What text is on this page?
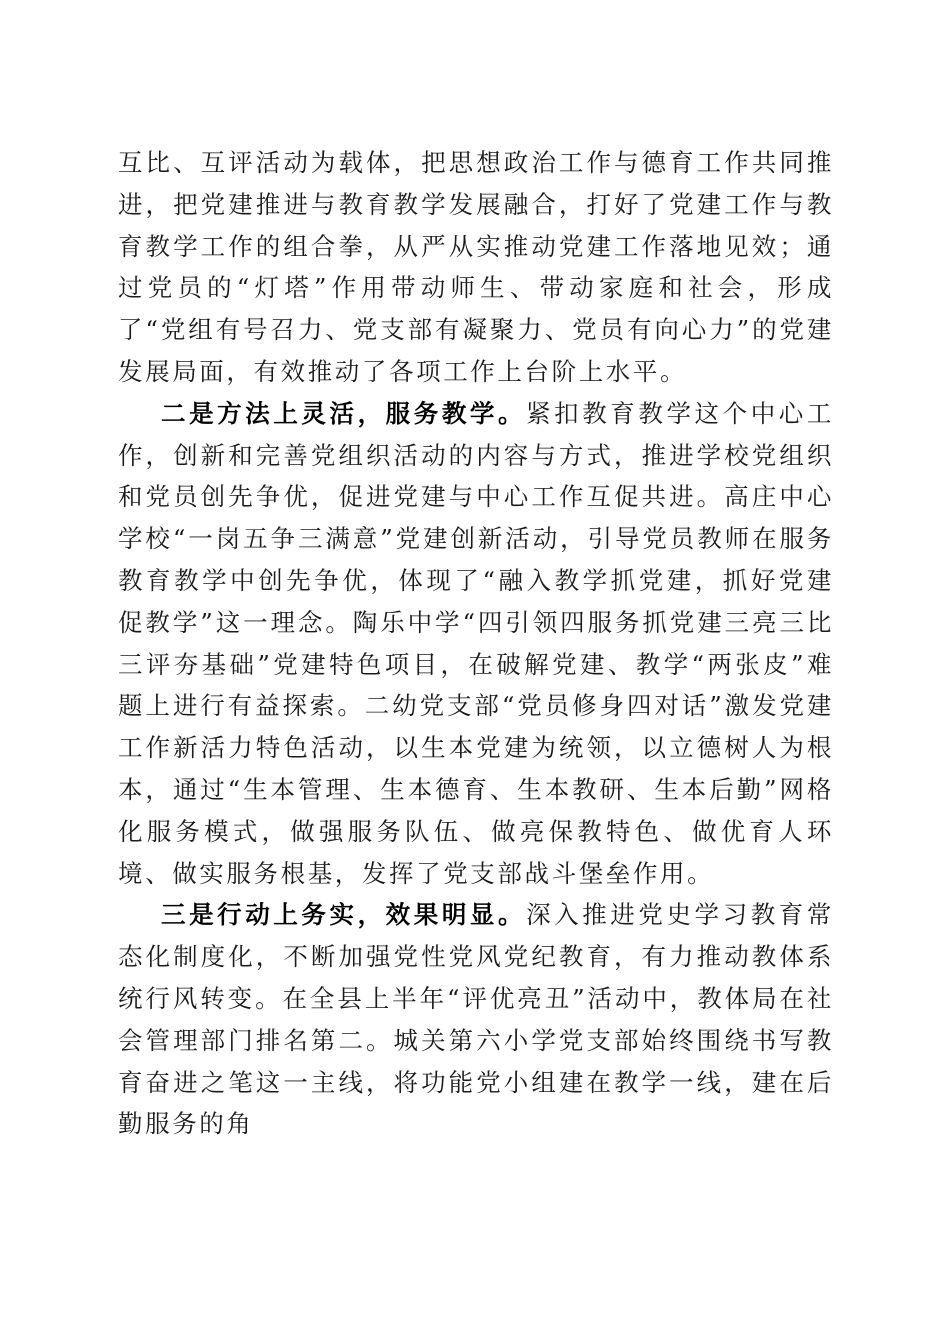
互比、互评活动为载体，把思想政治工作与德育工作共同推进，把党建推进与教育教学发展融合，打好了党建工作与教育教学工作的组合拳，从严从实推动党建工作落地见效；通过党员的“灯塔”作用带动师生、带动家庭和社会，形成了“党组有号召力、党支部有凝聚力、党员有向心力”的党建发展局面，有效推动了各项工作上台阶上水平。

二是方法上灵活，服务教学。紧扣教育教学这个中心工作，创新和完善党组织活动的内容与方式，推进学校党组织和党员创先争优，促进党建与中心工作互促共进。高庄中心学校“一岗五争三满意”党建创新活动，引导党员教师在服务教育教学中创先争优，体现了“融入教学抓党建，抓好党建促教学”这一理念。陶乐中学“四引领四服务抓党建三亮三比三评夯基础”党建特色项目，在破解党建、教学“两张皮”难题上进行有益探索。二幼党支部“党员修身四对话”激发党建工作新活力特色活动，以生本党建为统领，以立德树人为根本，通过“生本管理、生本德育、生本教研、生本后勤”网格化服务模式，做强服务队伍、做亮保教特色、做优育人环境、做实服务根基，发挥了党支部战斗堡垒作用。

三是行动上务实，效果明显。深入推进党史学习教育常态化制度化，不断加强党性党风党纪教育，有力推动教体系统行风转变。在全县上半年“评优亮丑”活动中，教体局在社会管理部门排名第二。城关第六小学党支部始终围绕书写教育奋进之笔这一主线，将功能党小组建在教学一线，建在后勤服务的角
